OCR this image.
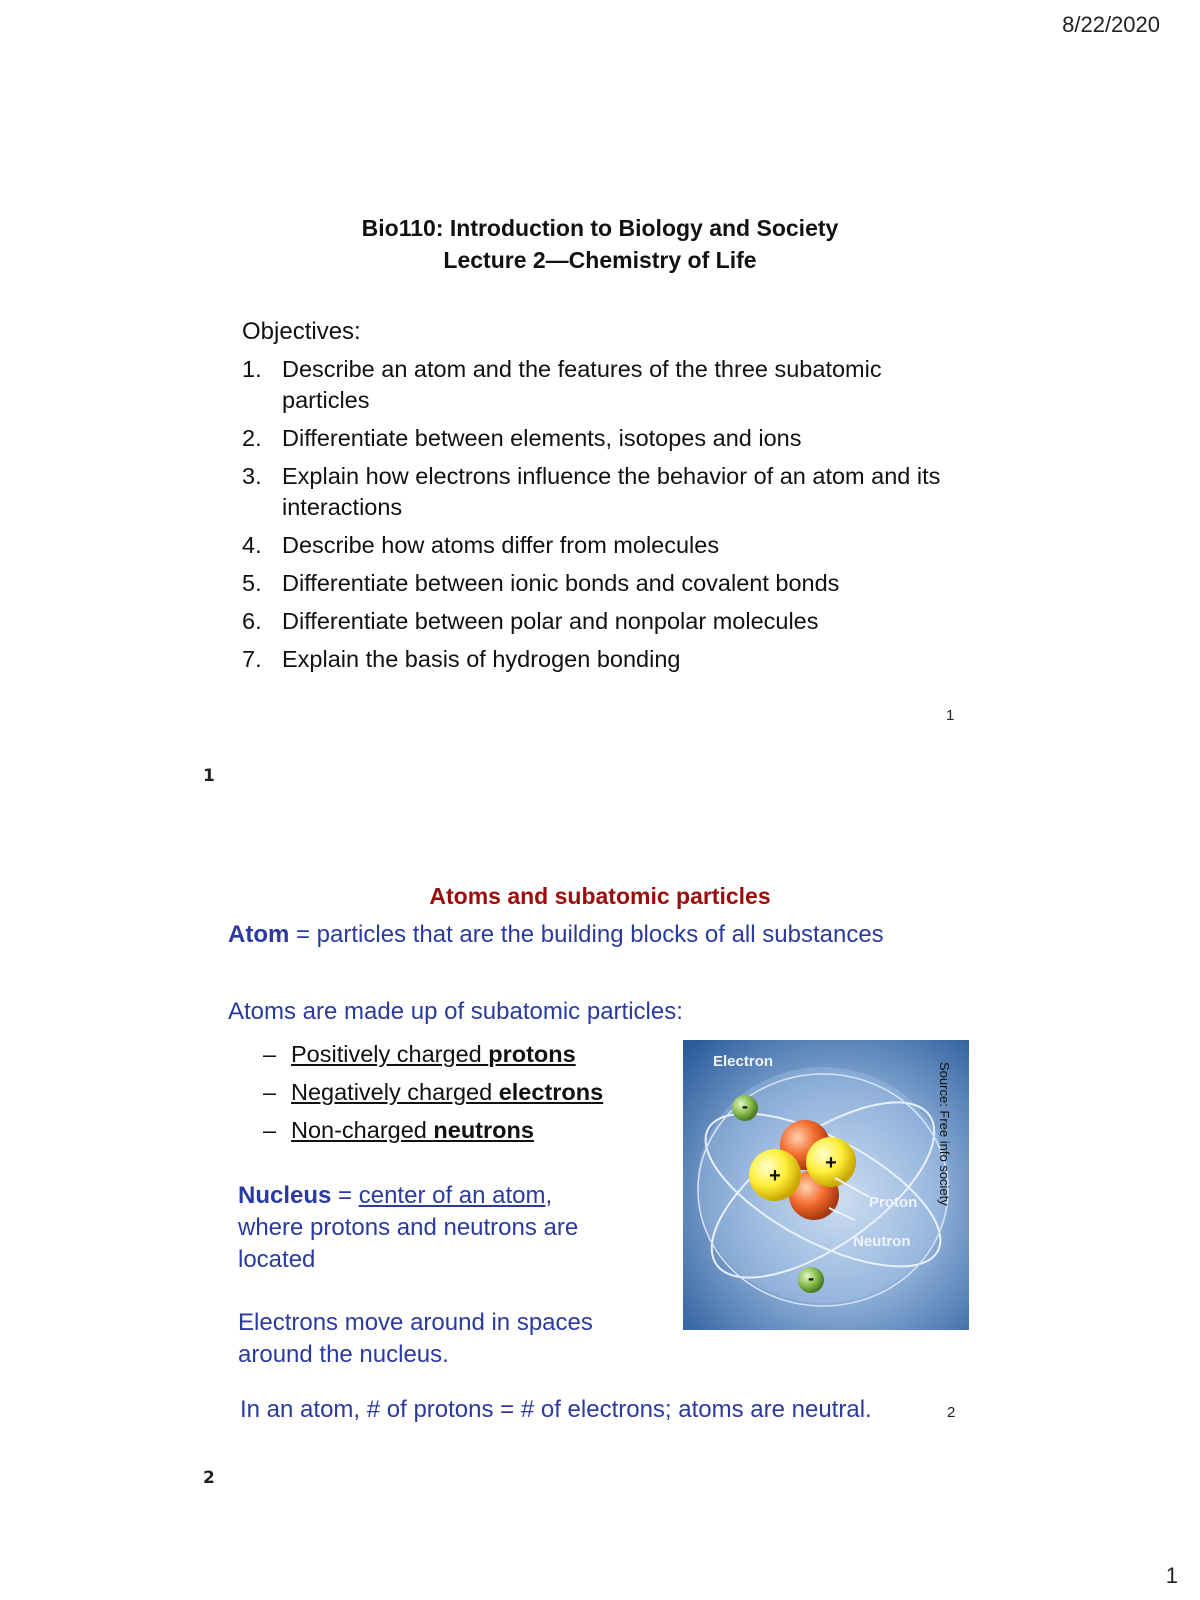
8/22/2020
Bio110: Introduction to Biology and Society
Lecture 2—Chemistry of Life
Objectives:
1. Describe an atom and the features of the three subatomic particles
2. Differentiate between elements, isotopes and ions
3. Explain how electrons influence the behavior of an atom and its interactions
4. Describe how atoms differ from molecules
5. Differentiate between ionic bonds and covalent bonds
6. Differentiate between polar and nonpolar molecules
7. Explain the basis of hydrogen bonding
1
1
Atoms and subatomic particles
Atom = particles that are the building blocks of all substances
Atoms are made up of subatomic particles:
– Positively charged protons
– Negatively charged electrons
– Non-charged neutrons
Nucleus = center of an atom,
where protons and neutrons are
located
Electrons move around in spaces
around the nucleus.
In an atom, # of protons = # of electrons; atoms are neutral.	2
2
+
+
-
-
Electron
Proton
Neutron
Source: Free info society
1
